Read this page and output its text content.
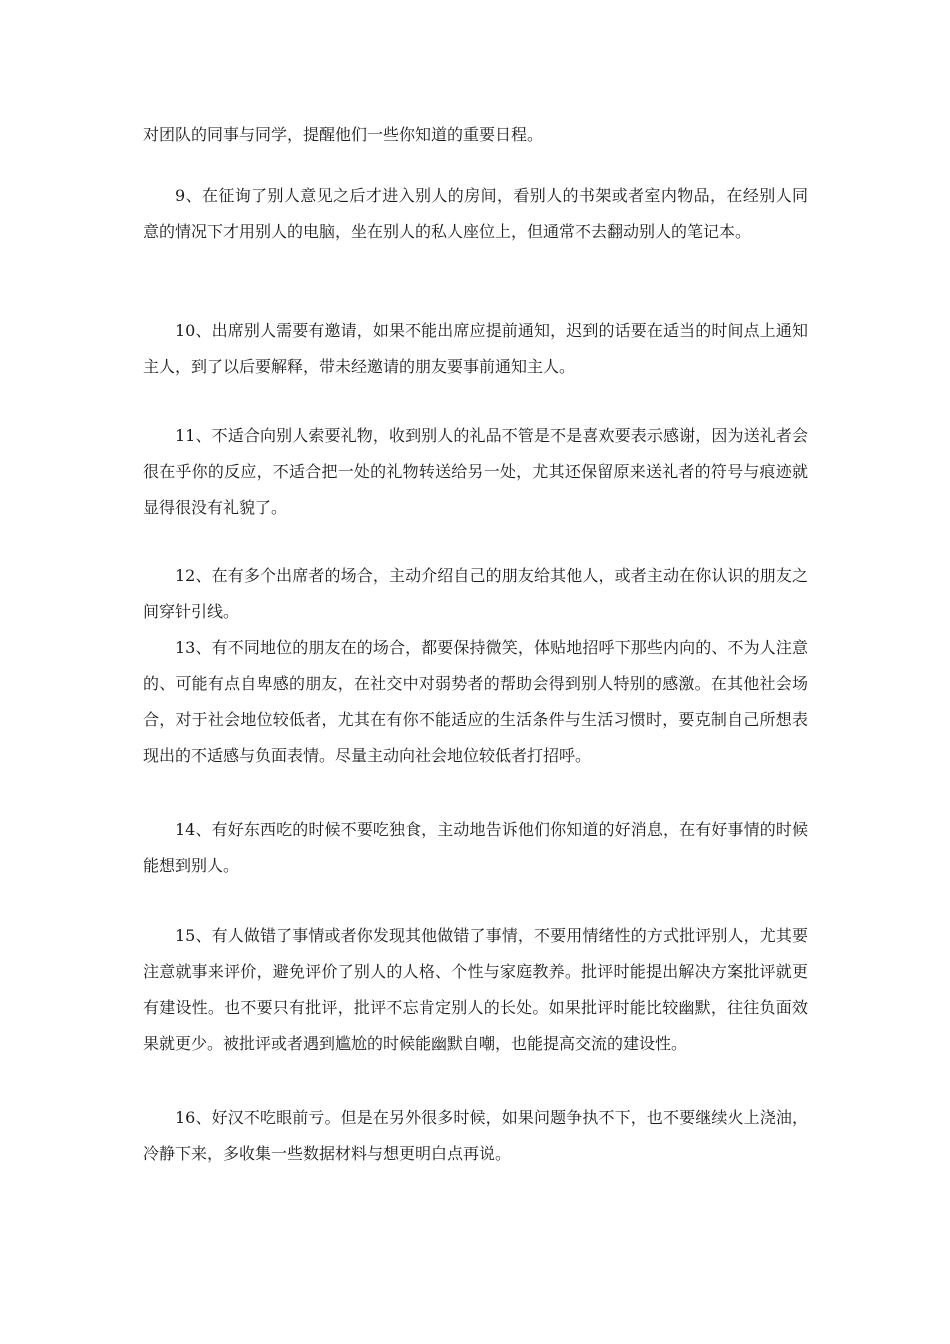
对团队的同事与同学，提醒他们一些你知道的重要日程。

9、在征询了别人意见之后才进入别人的房间，看别人的书架或者室内物品，在经别人同意的情况下才用别人的电脑，坐在别人的私人座位上，但通常不去翻动别人的笔记本。

10、出席别人需要有邀请，如果不能出席应提前通知，迟到的话要在适当的时间点上通知主人，到了以后要解释，带未经邀请的朋友要事前通知主人。

11、不适合向别人索要礼物，收到别人的礼品不管是不是喜欢要表示感谢，因为送礼者会很在乎你的反应，不适合把一处的礼物转送给另一处，尤其还保留原来送礼者的符号与痕迹就显得很没有礼貌了。

12、在有多个出席者的场合，主动介绍自己的朋友给其他人，或者主动在你认识的朋友之间穿针引线。

13、有不同地位的朋友在的场合，都要保持微笑，体贴地招呼下那些内向的、不为人注意的、可能有点自卑感的朋友，在社交中对弱势者的帮助会得到别人特别的感激。在其他社会场合，对于社会地位较低者，尤其在有你不能适应的生活条件与生活习惯时，要克制自己所想表现出的不适感与负面表情。尽量主动向社会地位较低者打招呼。

14、有好东西吃的时候不要吃独食，主动地告诉他们你知道的好消息，在有好事情的时候能想到别人。

15、有人做错了事情或者你发现其他做错了事情，不要用情绪性的方式批评别人，尤其要注意就事来评价，避免评价了别人的人格、个性与家庭教养。批评时能提出解决方案批评就更有建设性。也不要只有批评，批评不忘肯定别人的长处。如果批评时能比较幽默，往往负面效果就更少。被批评或者遇到尴尬的时候能幽默自嘲，也能提高交流的建设性。

16、好汉不吃眼前亏。但是在另外很多时候，如果问题争执不下，也不要继续火上浇油，冷静下来，多收集一些数据材料与想更明白点再说。
